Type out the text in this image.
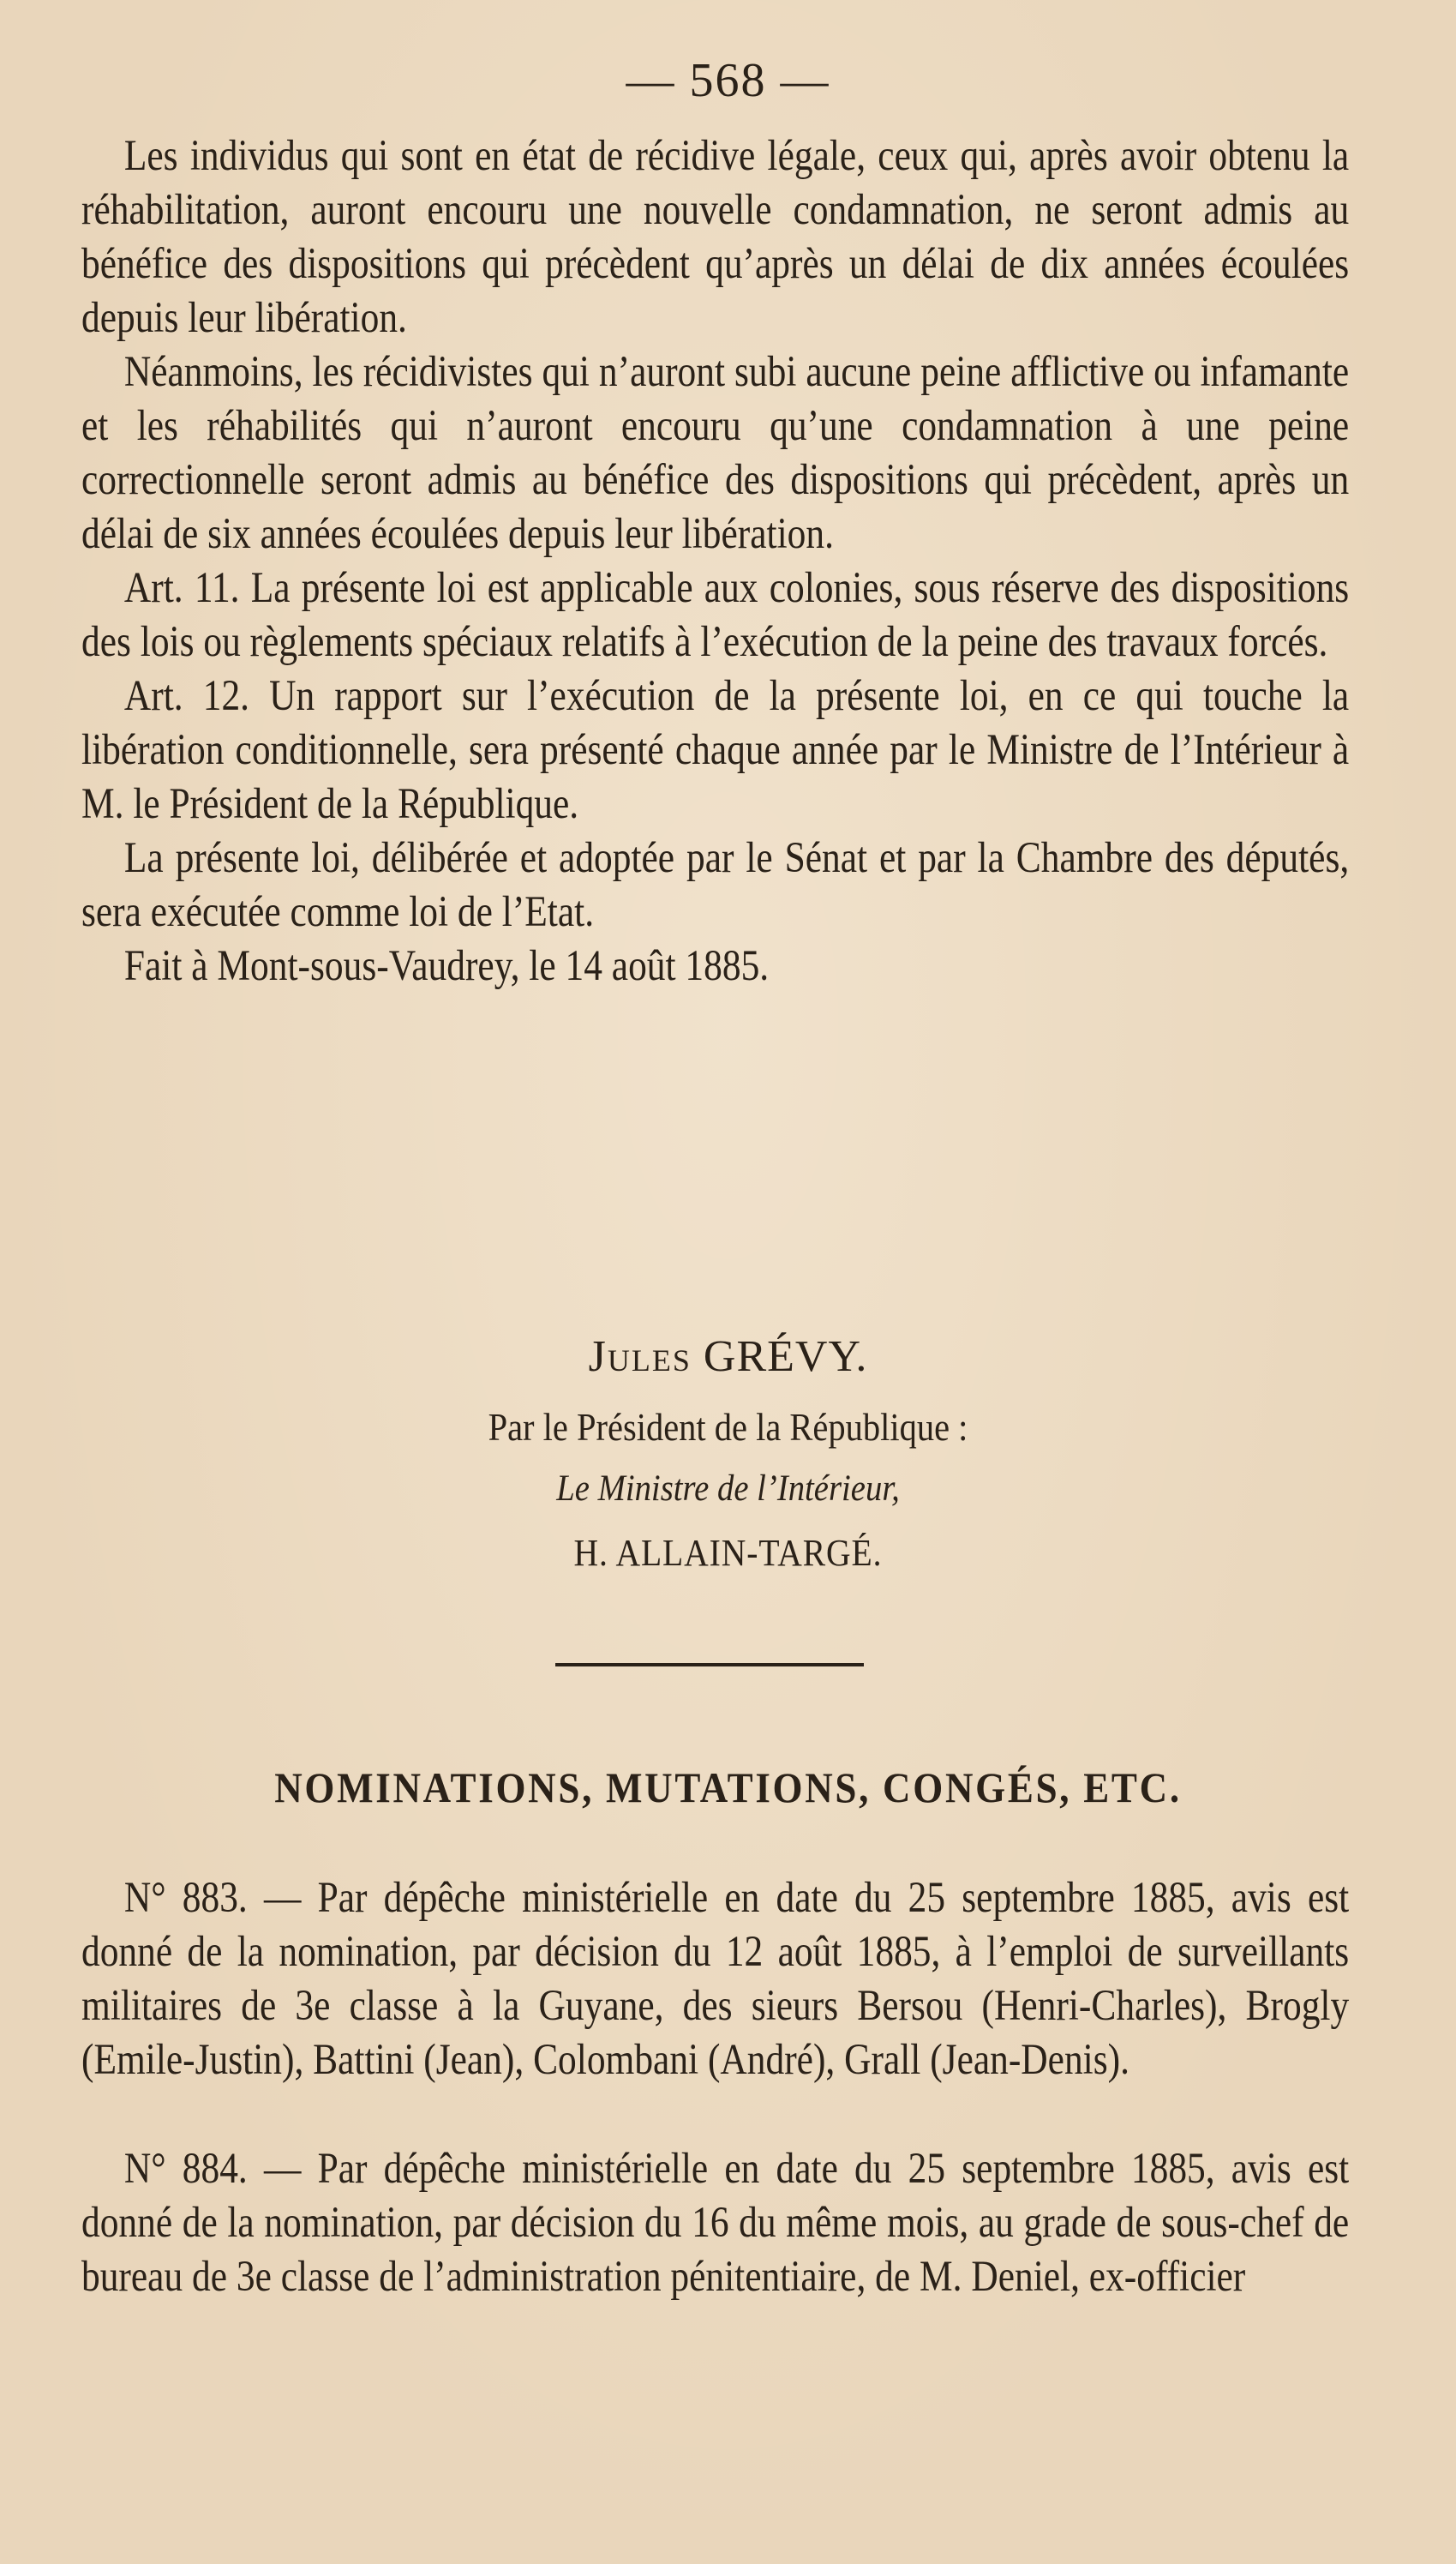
— 568 —

Les individus qui sont en état de récidive légale, ceux qui, après avoir obtenu la réhabilitation, auront encouru une nouvelle condamnation, ne seront admis au bénéfice des dispositions qui précèdent qu’après un délai de dix années écoulées depuis leur libération.

Néanmoins, les récidivistes qui n’auront subi aucune peine afflictive ou infamante et les réhabilités qui n’auront encouru qu’une condamnation à une peine correctionnelle seront admis au bénéfice des dispositions qui précèdent, après un délai de six années écoulées depuis leur libération.

Art. 11. La présente loi est applicable aux colonies, sous réserve des dispositions des lois ou règlements spéciaux relatifs à l’exécution de la peine des travaux forcés.

Art. 12. Un rapport sur l’exécution de la présente loi, en ce qui touche la libération conditionnelle, sera présenté chaque année par le Ministre de l’Intérieur à M. le Président de la République.

La présente loi, délibérée et adoptée par le Sénat et par la Chambre des députés, sera exécutée comme loi de l’Etat.

Fait à Mont-sous-Vaudrey, le 14 août 1885.

Jules GRÉVY.
Par le Président de la République :
Le Ministre de l’Intérieur,
H. ALLAIN-TARGÉ.
NOMINATIONS, MUTATIONS, CONGÉS, ETC.

N° 883. — Par dépêche ministérielle en date du 25 septembre 1885, avis est donné de la nomination, par décision du 12 août 1885, à l’emploi de surveillants militaires de 3e classe à la Guyane, des sieurs Bersou (Henri-Charles), Brogly (Emile-Justin), Battini (Jean), Colombani (André), Grall (Jean-Denis).

N° 884. — Par dépêche ministérielle en date du 25 septembre 1885, avis est donné de la nomination, par décision du 16 du même mois, au grade de sous-chef de bureau de 3e classe de l’administration pénitentiaire, de M. Deniel, ex-officier
